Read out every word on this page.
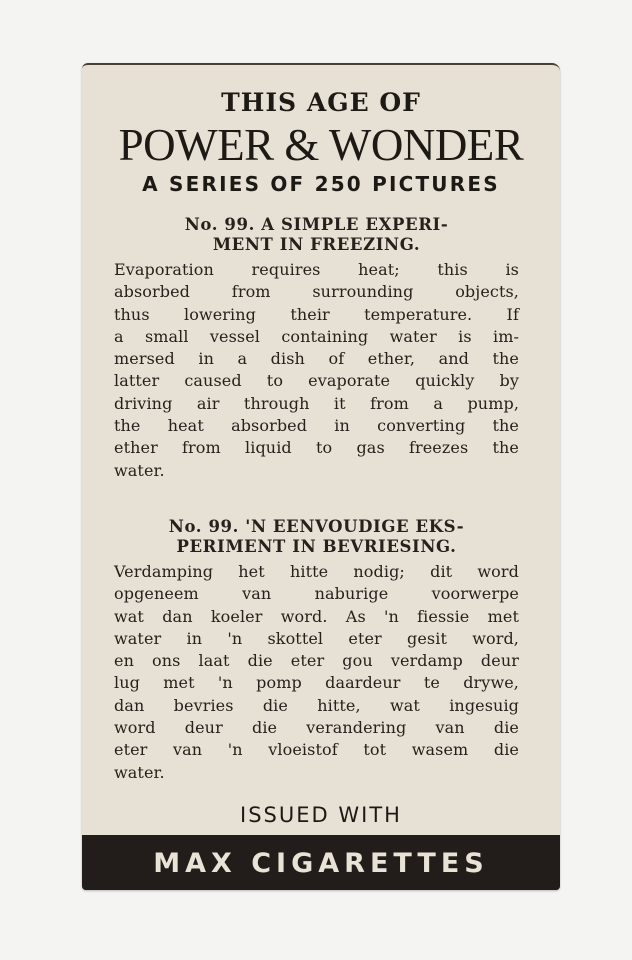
THIS AGE OF
POWER & WONDER
A SERIES OF 250 PICTURES
No. 99. A SIMPLE EXPERI-
MENT IN FREEZING.
Evaporation requires heat; this is
absorbed from surrounding objects,
thus lowering their temperature. If
a small vessel containing water is im-
mersed in a dish of ether, and the
latter caused to evaporate quickly by
driving air through it from a pump,
the heat absorbed in converting the
ether from liquid to gas freezes the
water.
No. 99. 'N EENVOUDIGE EKS-
PERIMENT IN BEVRIESING.
Verdamping het hitte nodig; dit word
opgeneem van naburige voorwerpe
wat dan koeler word. As 'n fiessie met
water in 'n skottel eter gesit word,
en ons laat die eter gou verdamp deur
lug met 'n pomp daardeur te drywe,
dan bevries die hitte, wat ingesuig
word deur die verandering van die
eter van 'n vloeistof tot wasem die
water.
ISSUED WITH
MAX CIGARETTES
